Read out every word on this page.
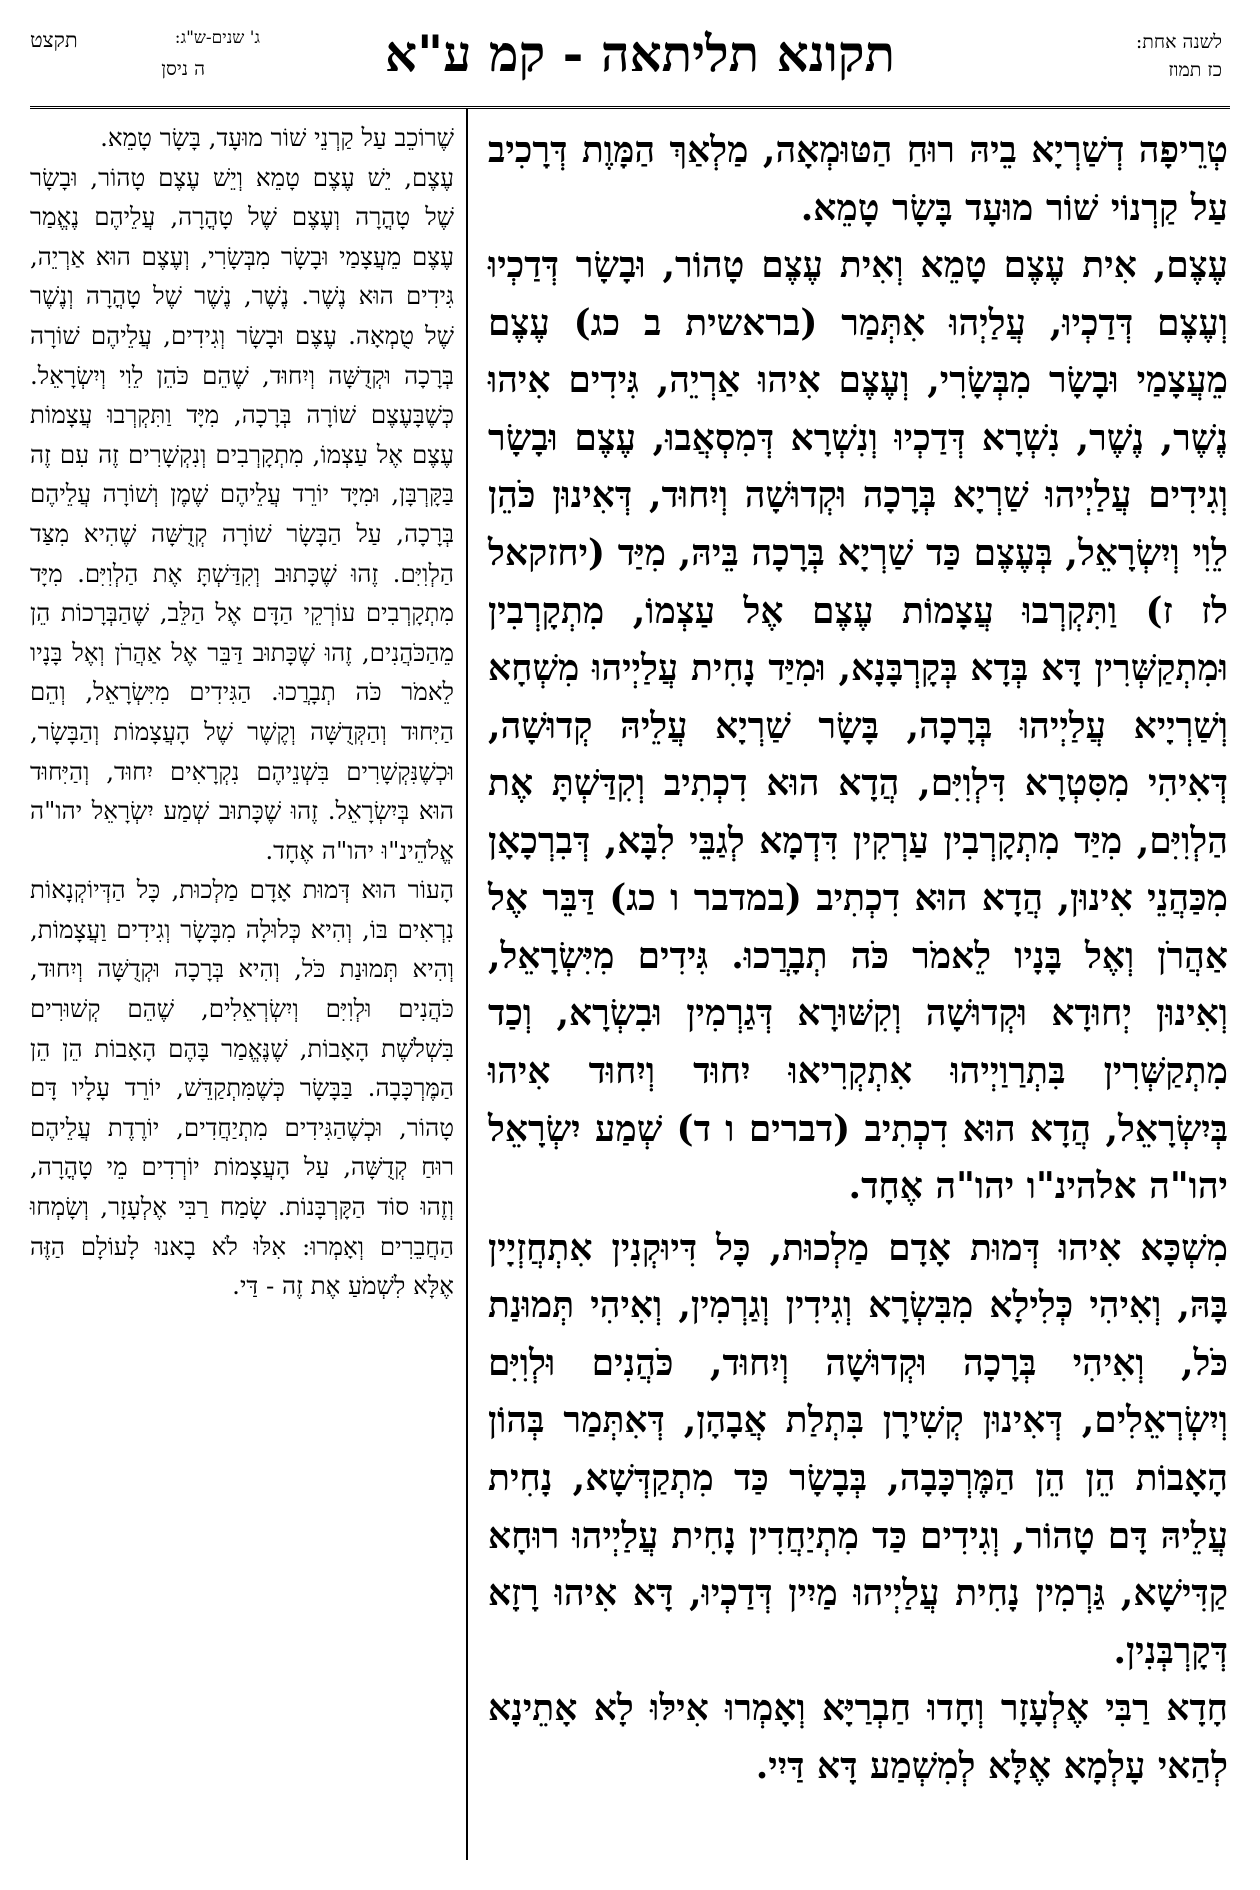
לשנה אחת:
כז תמוז
תקונא תליתאה - קמ ע"א
תקצט	ג' שנים-ש"ג:
ה ניסן

טְרֵיפָה דְשַׁרְיָא בֵיהּ רוּחַ הַטּוּמְאָה, מַלְאַךְ הַמָּוֶת דְּרָכִיב עַל קַרְנוֹי שׁוֹר מוּעָד בָּשָׂר טָמֵא.

עֶצֶם, אִית עֶצֶם טָמֵא וְאִית עֶצֶם טָהוֹר, וּבָשָׂר דְּדַכְיוּ וְעֶצֶם דְּדַכְיוּ, עֲלַיְהוּ אִתְּמַר (בראשית ב כג) עֶצֶם מֵעֲצָמַי וּבָשָׂר מִבְּשָׂרִי, וְעֶצֶם אִיהוּ אַרְיֵה, גִּידִים אִיהוּ נֶשֶׁר, נֶשֶׁר, נִשְׁרָא דְּדַכְיוּ וְנִשְׁרָא דְּמִסְאֲבוּ, עֶצֶם וּבָשָׂר וְגִידִים עֲלַיְיהוּ שַׁרְיָא בְּרָכָה וּקְדוּשָׁה וְיִחוּד, דְּאִינוּן כֹּהֵן לֵוִי וְיִשְׂרָאֵל, בְּעֶצֶם כַּד שַׁרְיָא בְּרָכָה בֵּיהּ, מִיַּד (יחזקאל לז ז) וַתִּקְרְבוּ עֲצָמוֹת עֶצֶם אֶל עַצְמוֹ, מִתְקָרְבִין וּמִתְקַשְּׁרִין דָּא בְּדָא בְּקָרְבָּנָא, וּמִיַּד נָחִית עֲלַיְיהוּ מִשְׁחָא וְשַׁרְיָיא עֲלַיְיהוּ בְּרָכָה, בָּשָׂר שַׁרְיָא עֲלֵיהּ קְדוּשָׁה, דְּאִיהִי מִסִּטְרָא דִּלְוִיִּם, הֲדָא הוּא דִכְתִיב וְקִדַּשְׁתָּ אֶת הַלְוִיִּם, מִיַּד מִתְקָרְבִין עַרְקִין דִּדְמָא לְגַבֵּי לִבָּא, דְּבִרְכָאָן מִכַּהֲנֵי אִינוּן, הֲדָא הוּא דִכְתִיב (במדבר ו כג) דַּבֵּר אֶל אַהֲרֹן וְאֶל בָּנָיו לֵאמֹר כֹּה תְבָרֲכוּ. גִּידִים מִיִּשְׂרָאֵל, וְאִינוּן יְחוּדָא וּקְדוּשָׁה וְקִשּׁוּרָא דְּגַרְמִין וּבִשְׂרָא, וְכַד מִתְקַשְּׁרִין בִּתְרַוַיְיהוּ אִתְקְרִיאוּ יִחוּד וְיִחוּד אִיהוּ בְּיִשְׂרָאֵל, הֲדָא הוּא דִכְתִיב (דברים ו ד) שְׁמַע יִשְׂרָאֵל יהו"ה אלהינ"ו יהו"ה אֶחָד.

מִשְׁכָּא אִיהוּ דְּמוּת אָדָם מַלְכוּת, כָּל דִּיוּקְנִין אִתְחֲזְיָין בָּהּ, וְאִיהִי כְּלִילָא מִבִּשְׂרָא וְגִידִין וְגַרְמִין, וְאִיהִי תְּמוּנַת כֹּל, וְאִיהִי בְּרָכָה וּקְדוּשָׁה וְיִחוּד, כֹּהֲנִים וּלְוִיִּם וְיִשְׂרְאֵלִים, דְּאִינוּן קְשִׁירָן בִּתְלַת אֲבָהָן, דְּאִתְּמַר בְּהוֹן הָאָבוֹת הֵן הֵן הַמֶּרְכָּבָה, בְּבָשָׂר כַּד מִתְקַדְּשָׁא, נָחִית עֲלֵיהּ דָּם טָהוֹר, וְגִידִים כַּד מִתְיַחֲדִין נָחִית עֲלַיְיהוּ רוּחָא קַדִּישָׁא, גַּרְמִין נָחִית עֲלַיְיהוּ מַיִין דְּדַכְיוּ, דָּא אִיהוּ רָזָא דְּקָרְבְּנִין.

חָדָא רַבִּי אֶלְעָזָר וְחָדוּ חַבְרַיָּא וְאָמְרוּ אִילּוּ לָא אָתֵינָא לְהַאי עָלְמָא אֶלָּא לְמִשְׁמַע דָּא דַּיִי.

שֶׁרוֹכֵב עַל קַרְנֵי שׁוֹר מוּעָד, בָּשָׂר טָמֵא.

עֶצֶם, יֵשׁ עֶצֶם טָמֵא וְיֵשׁ עֶצֶם טָהוֹר, וּבָשָׂר שֶׁל טָהֳרָה וְעֶצֶם שֶׁל טָהֳרָה, עֲלֵיהֶם נֶאֱמַר עֶצֶם מֵעֲצָמַי וּבָשָׂר מִבְּשָׂרִי, וְעֶצֶם הוּא אַרְיֵה, גִּידִים הוּא נֶשֶׁר. נֶשֶׁר, נֶשֶׁר שֶׁל טָהֳרָה וְנֶשֶׁר שֶׁל טֻמְאָה. עֶצֶם וּבָשָׂר וְגִידִים, עֲלֵיהֶם שׁוֹרָה בְּרָכָה וּקְדֻשָּׁה וְיִחוּד, שֶׁהֵם כֹּהֵן לֵוִי וְיִשְׂרָאֵל. כְּשֶׁבָּעֶצֶם שׁוֹרָה בְּרָכָה, מִיָּד וַתִּקְרְבוּ עֲצָמוֹת עֶצֶם אֶל עַצְמוֹ, מִתְקָרְבִים וְנִקְשָׁרִים זֶה עִם זֶה בַּקָּרְבָּן, וּמִיָּד יוֹרֵד עֲלֵיהֶם שֶׁמֶן וְשׁוֹרָה עֲלֵיהֶם בְּרָכָה, עַל הַבָּשָׂר שׁוֹרָה קְדֻשָּׁה שֶׁהִיא מִצַּד הַלְוִיִּם. זֶהוּ שֶׁכָּתוּב וְקִדַּשְׁתָּ אֶת הַלְוִיִּם. מִיָּד מִתְקָרְבִים עוֹרְקֵי הַדָּם אֶל הַלֵּב, שֶׁהַבְּרָכוֹת הֵן מֵהַכֹּהֲנִים, זֶהוּ שֶׁכָּתוּב דַּבֵּר אֶל אַהֲרֹן וְאֶל בָּנָיו לֵאמֹר כֹּה תְבָרֲכוּ. הַגִּידִים מִיִּשְׂרָאֵל, וְהֵם הַיִּחוּד וְהַקְּדֻשָּׁה וְקֶשֶׁר שֶׁל הָעֲצָמוֹת וְהַבָּשָׂר, וּכְשֶׁנִּקְשָׁרִים בִּשְׁנֵיהֶם נִקְרָאִים יִחוּד, וְהַיִּחוּד הוּא בְּיִשְׂרָאֵל. זֶהוּ שֶׁכָּתוּב שְׁמַע יִשְׂרָאֵל יהו"ה אֱלֹהֵינ"וּ יהו"ה אֶחָד.

הָעוֹר הוּא דְּמוּת אָדָם מַלְכוּת, כָּל הַדְּיוֹקְנָאוֹת נִרְאִים בּוֹ, וְהִיא כְּלוּלָה מִבָּשָׂר וְגִידִים וַעֲצָמוֹת, וְהִיא תְּמוּנַת כֹּל, וְהִיא בְּרָכָה וּקְדֻשָּׁה וְיִחוּד, כֹּהֲנִים וּלְוִיִּם וְיִשְׂרְאֵלִים, שֶׁהֵם קְשׁוּרִים בִּשְׁלֹשֶׁת הָאָבוֹת, שֶׁנֶּאֱמַר בָּהֶם הָאָבוֹת הֵן הֵן הַמֶּרְכָּבָה. בַּבָּשָׂר כְּשֶׁמִּתְקַדֵּשׁ, יוֹרֵד עָלָיו דָּם טָהוֹר, וּכְשֶׁהַגִּידִים מִתְיַחֲדִים, יוֹרֶדֶת עֲלֵיהֶם רוּחַ קְדֻשָּׁה, עַל הָעֲצָמוֹת יוֹרְדִים מֵי טָהֳרָה, וְזֶהוּ סוֹד הַקָּרְבָּנוֹת. שָׂמַח רַבִּי אֶלְעָזָר, וְשָׂמְחוּ הַחֲבֵרִים וְאָמְרוּ: אִלּוּ לֹא בָאנוּ לָעוֹלָם הַזֶּה אֶלָּא לִשְׁמֹעַ אֶת זֶה - דַּי.
